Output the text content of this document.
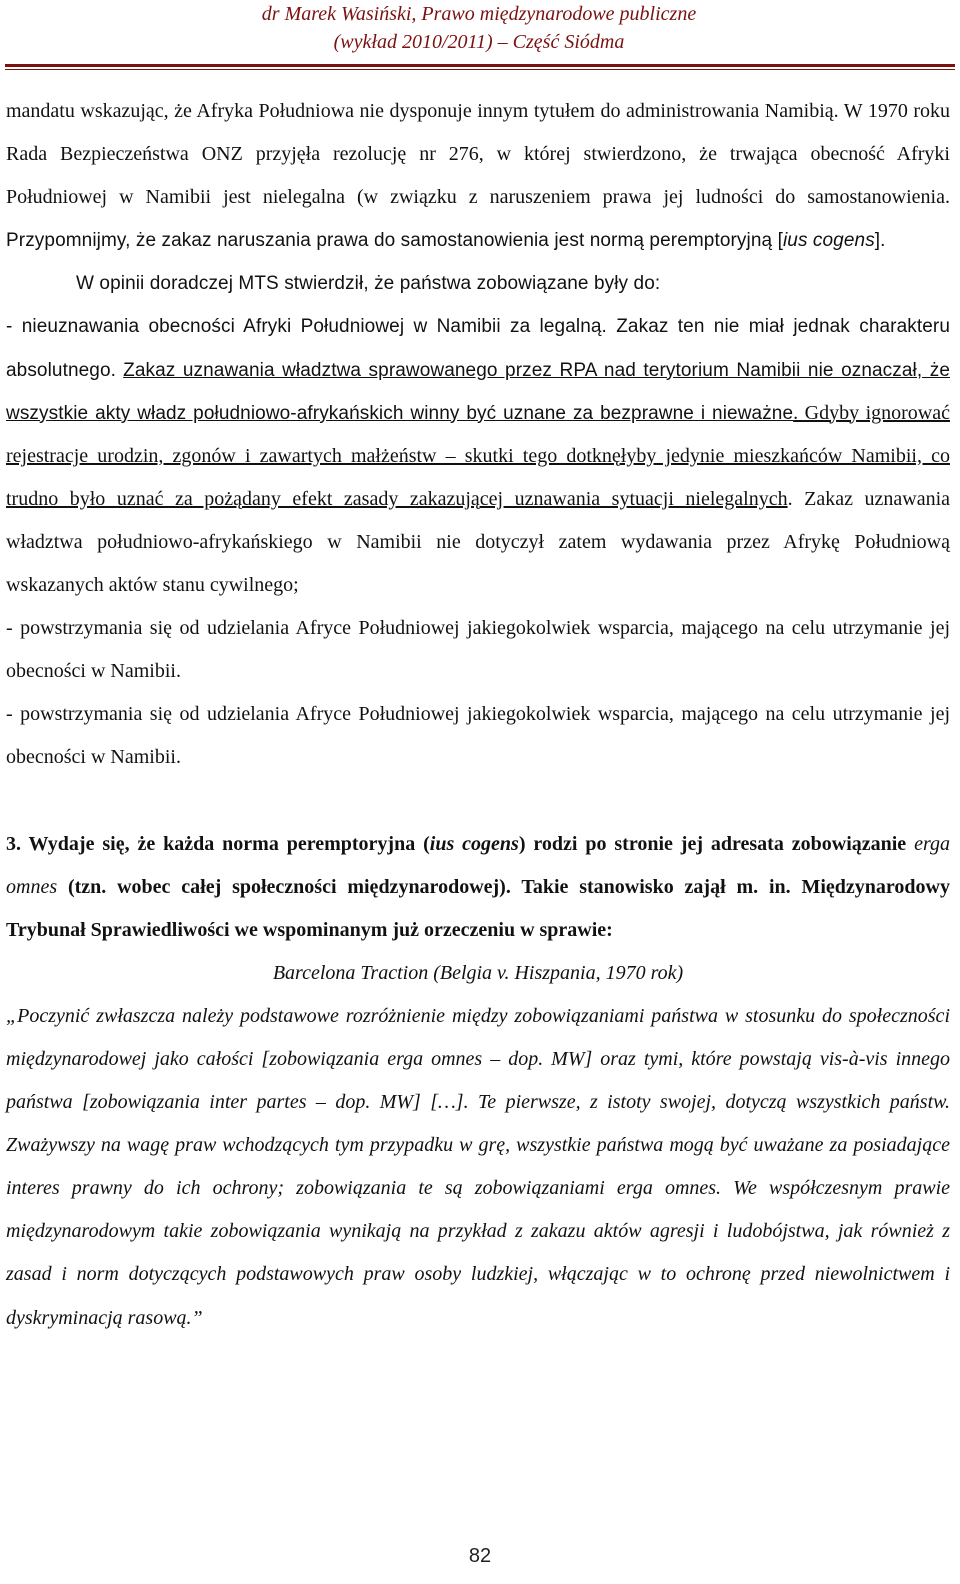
dr Marek Wasiński, Prawo międzynarodowe publiczne
(wykład 2010/2011) – Część Siódma

mandatu wskazując, że Afryka Południowa nie dysponuje innym tytułem do administrowania Namibią. W 1970 roku Rada Bezpieczeństwa ONZ przyjęła rezolucję nr 276, w której stwierdzono, że trwająca obecność Afryki Południowej w Namibii jest nielegalna (w związku z naruszeniem prawa jej ludności do samostanowienia. Przypomnijmy, że zakaz naruszania prawa do samostanowienia jest normą peremptoryjną [ius cogens].

W opinii doradczej MTS stwierdził, że państwa zobowiązane były do:

- nieuznawania obecności Afryki Południowej w Namibii za legalną. Zakaz ten nie miał jednak charakteru absolutnego. Zakaz uznawania władztwa sprawowanego przez RPA nad terytorium Namibii nie oznaczał, że wszystkie akty władz południowo-afrykańskich winny być uznane za bezprawne i nieważne. Gdyby ignorować rejestracje urodzin, zgonów i zawartych małżeństw – skutki tego dotknęłyby jedynie mieszkańców Namibii, co trudno było uznać za pożądany efekt zasady zakazującej uznawania sytuacji nielegalnych. Zakaz uznawania władztwa południowo-afrykańskiego w Namibii nie dotyczył zatem wydawania przez Afrykę Południową wskazanych aktów stanu cywilnego;

- powstrzymania się od udzielania Afryce Południowej jakiegokolwiek wsparcia, mającego na celu utrzymanie jej obecności w Namibii.

- powstrzymania się od udzielania Afryce Południowej jakiegokolwiek wsparcia, mającego na celu utrzymanie jej obecności w Namibii.

3. Wydaje się, że każda norma peremptoryjna (ius cogens) rodzi po stronie jej adresata zobowiązanie erga omnes (tzn. wobec całej społeczności międzynarodowej). Takie stanowisko zajął m. in. Międzynarodowy Trybunał Sprawiedliwości we wspominanym już orzeczeniu w sprawie:

Barcelona Traction (Belgia v. Hiszpania, 1970 rok)

„Poczynić zwłaszcza należy podstawowe rozróżnienie między zobowiązaniami państwa w stosunku do społeczności międzynarodowej jako całości [zobowiązania erga omnes – dop. MW] oraz tymi, które powstają vis-à-vis innego państwa [zobowiązania inter partes – dop. MW] […]. Te pierwsze, z istoty swojej, dotyczą wszystkich państw. Zważywszy na wagę praw wchodzących tym przypadku w grę, wszystkie państwa mogą być uważane za posiadające interes prawny do ich ochrony; zobowiązania te są zobowiązaniami erga omnes. We współczesnym prawie międzynarodowym takie zobowiązania wynikają na przykład z zakazu aktów agresji i ludobójstwa, jak również z zasad i norm dotyczących podstawowych praw osoby ludzkiej, włączając w to ochronę przed niewolnictwem i dyskryminacją rasową.”

82
